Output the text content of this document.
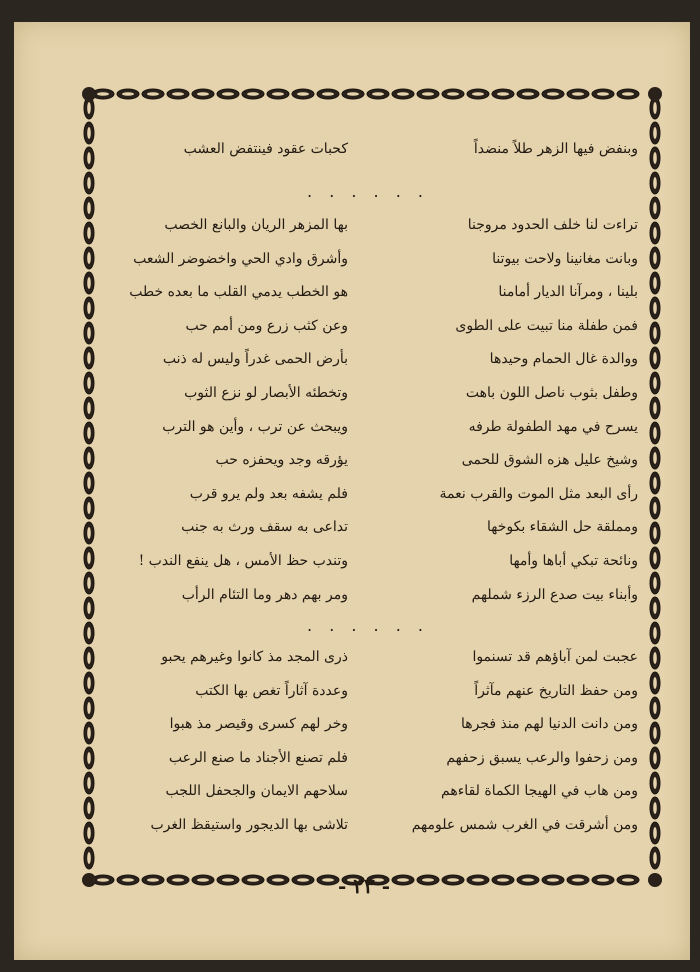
وبنفض فيها الزهر طلاً منضداً
كحبات عقود فينتفض العشب
. . . . . .
تراءت لنا خلف الحدود مروجنا
بها المزهر الريان والبانع الخصب
وبانت مغانينا ولاحت بيوتنا
وأشرق وادي الحي واخضوضر الشعب
بلينا ، ومرآنا الديار أمامنا
هو الخطب يدمي القلب ما بعده خطب
فمن طفلة منا تبيت على الطوى
وعن كثب زرع ومن أمم حب
ووالدة غال الحمام وحيدها
بأرض الحمى غدراً وليس له ذنب
وطفل بثوب ناصل اللون باهت
وتخطئه الأبصار لو نزع الثوب
يسرح في مهد الطفولة طرفه
ويبحث عن ترب ، وأين هو الترب
وشيخ عليل هزه الشوق للحمى
يؤرقه وجد ويحفزه حب
رأى البعد مثل الموت والقرب نعمة
فلم يشفه بعد ولم يرو قرب
ومملقة حل الشقاء بكوخها
تداعى به سقف ورث به جنب
ونائحة تبكي أباها وأمها
وتندب حظ الأمس ، هل ينفع الندب !
وأبناء بيت صدع الرزء شملهم
ومر بهم دهر وما التئام الرأب
. . . . . .
عجبت لمن آباؤهم قد تسنموا
ذرى المجد مذ كانوا وغيرهم يحبو
ومن حفظ التاريخ عنهم مآثراً
وعددة آثاراً تغص بها الكتب
ومن دانت الدنيا لهم منذ فجرها
وخر لهم كسرى وقيصر مذ هبوا
ومن زحفوا والرعب يسبق زحفهم
فلم تصنع الأجناد ما صنع الرعب
ومن هاب في الهيجا الكماة لقاءهم
سلاحهم الايمان والجحفل اللجب
ومن أشرقت في الغرب شمس علومهم
تلاشى بها الديجور واستيقظ الغرب
- ٢٣ -
